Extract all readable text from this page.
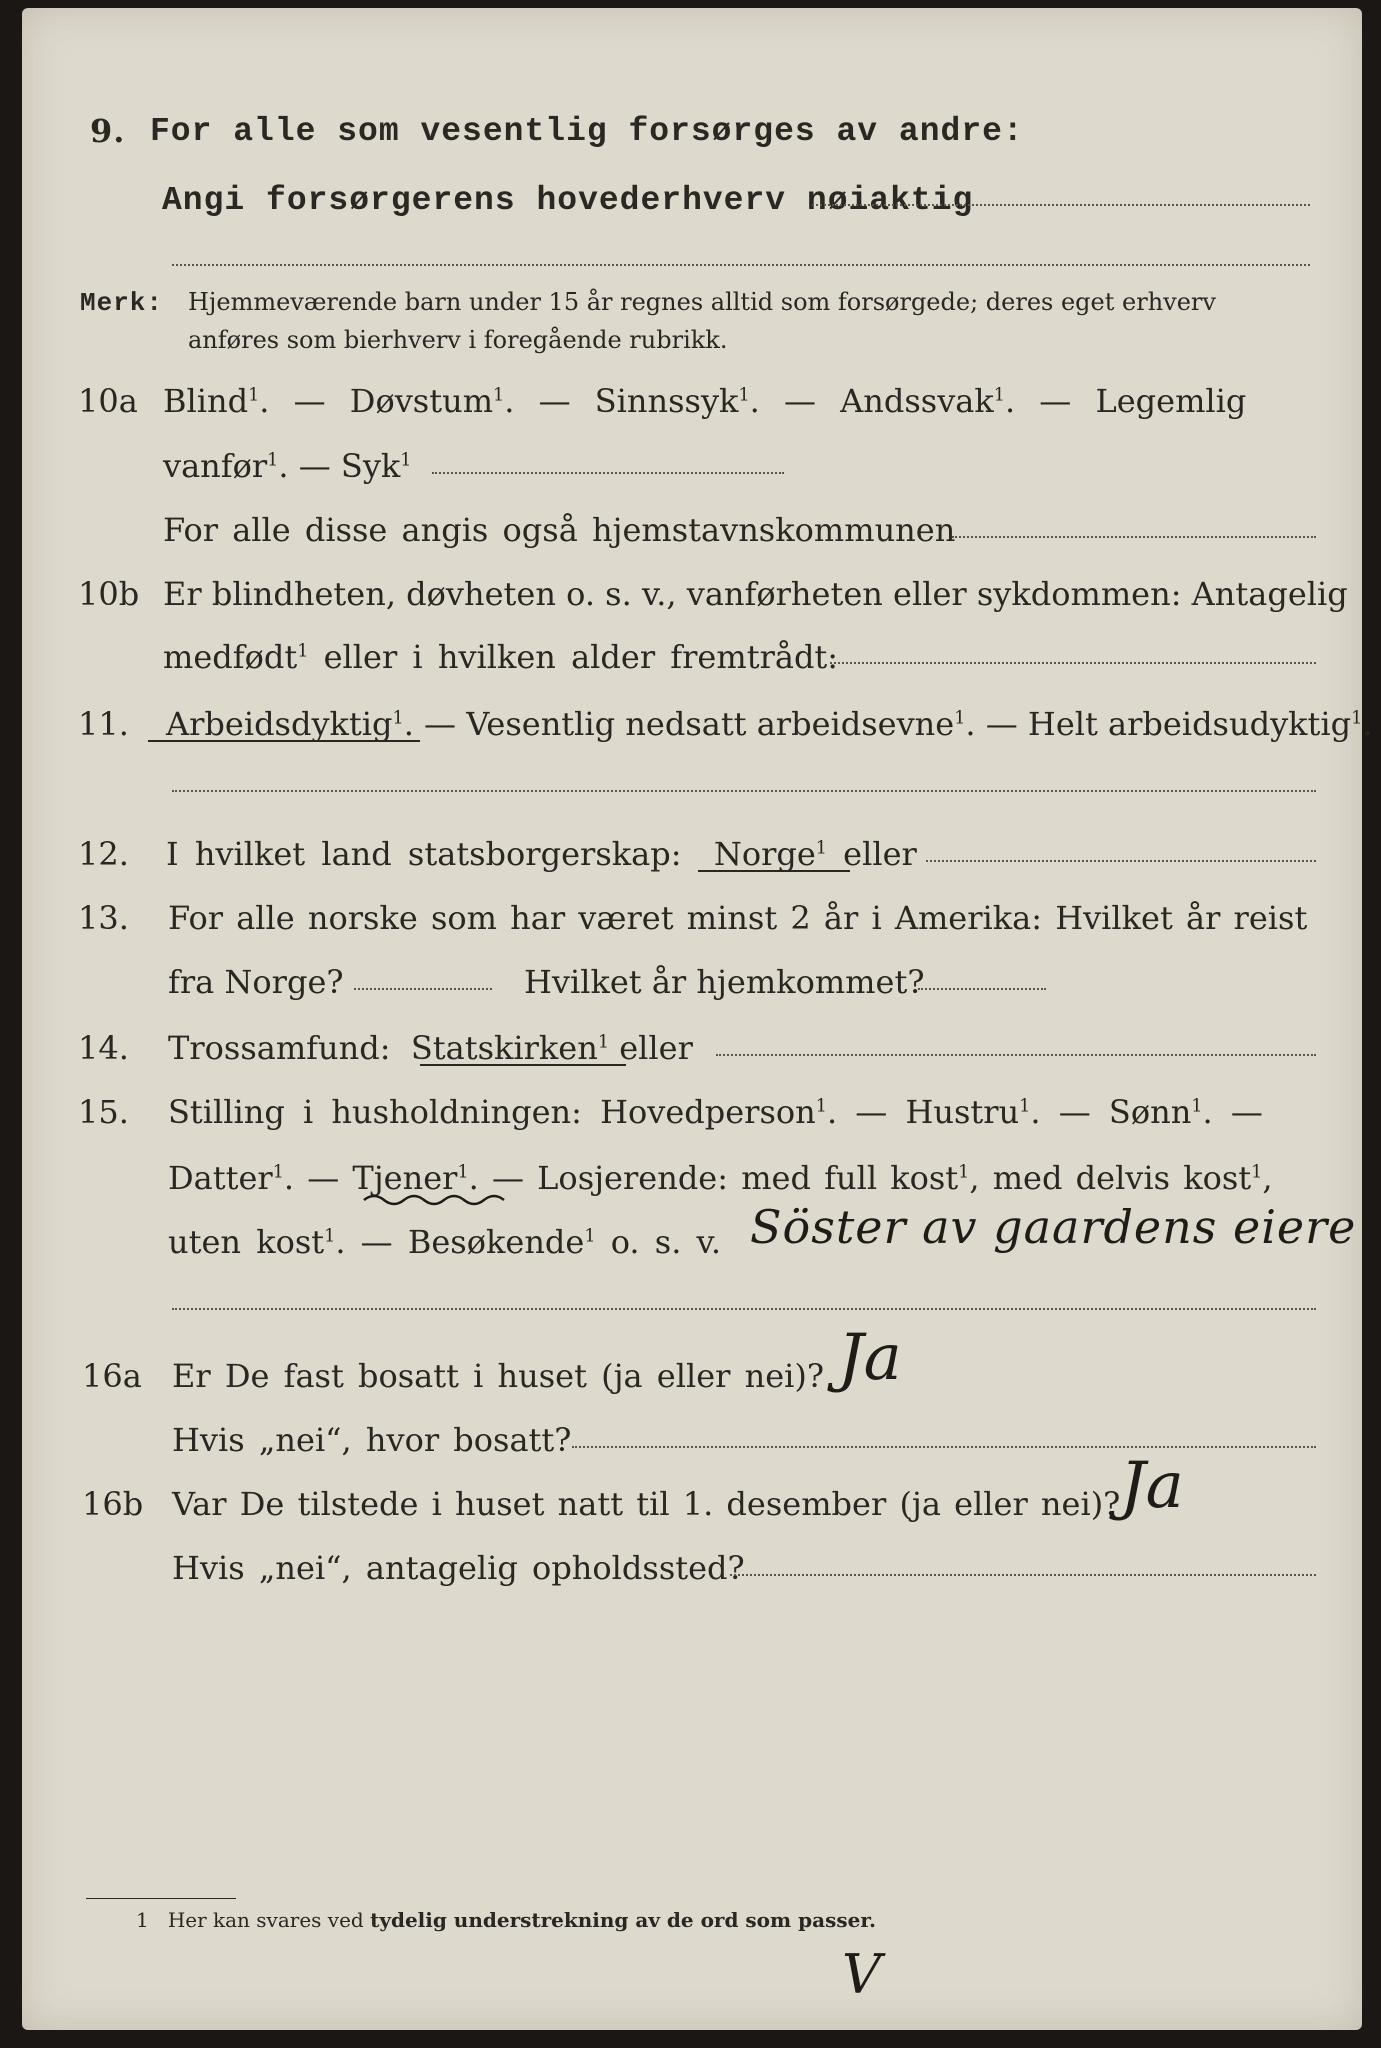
9. For alle som vesentlig forsørges av andre:
Angi forsørgerens hovederhverv nøiaktig
Merk: Hjemmeværende barn under 15 år regnes alltid som forsørgede; deres eget erhverv
anføres som bierhverv i foregående rubrikk.
10a Blind$^1$. — Døvstum$^1$. — Sinnssyk$^1$. — Andssvak$^1$. — Legemlig
vanfør$^1$. — Syk$^1$
For alle disse angis også hjemstavnskommunen
10b Er blindheten, døvheten o. s. v., vanførheten eller sykdommen: Antagelig
medfødt$^1$ eller i hvilken alder fremtrådt:
11. Arbeidsdyktig$^1$. — Vesentlig nedsatt arbeidsevne$^1$. — Helt arbeidsudyktig$^1$.
12. I hvilket land statsborgerskap: Norge$^1$ eller
13. For alle norske som har været minst 2 år i Amerika: Hvilket år reist
fra Norge?	Hvilket år hjemkommet?
14. Trossamfund: Statskirken$^1$ eller
15. Stilling i husholdningen: Hovedperson$^1$. — Hustru$^1$. — Sønn$^1$. —
Datter$^1$. — Tjener$^1$. — Losjerende: med full kost$^1$, med delvis kost$^1$,
uten kost$^1$. — Besøkende$^1$ o. s. v. Söster av gaardens eiere
16a Er De fast bosatt i huset (ja eller nei)? Ja
Hvis „nei“, hvor bosatt?
16b Var De tilstede i huset natt til 1. desember (ja eller nei)? Ja
Hvis „nei“, antagelig opholdssted?
1 Her kan svares ved tydelig understrekning av de ord som passer.
V
